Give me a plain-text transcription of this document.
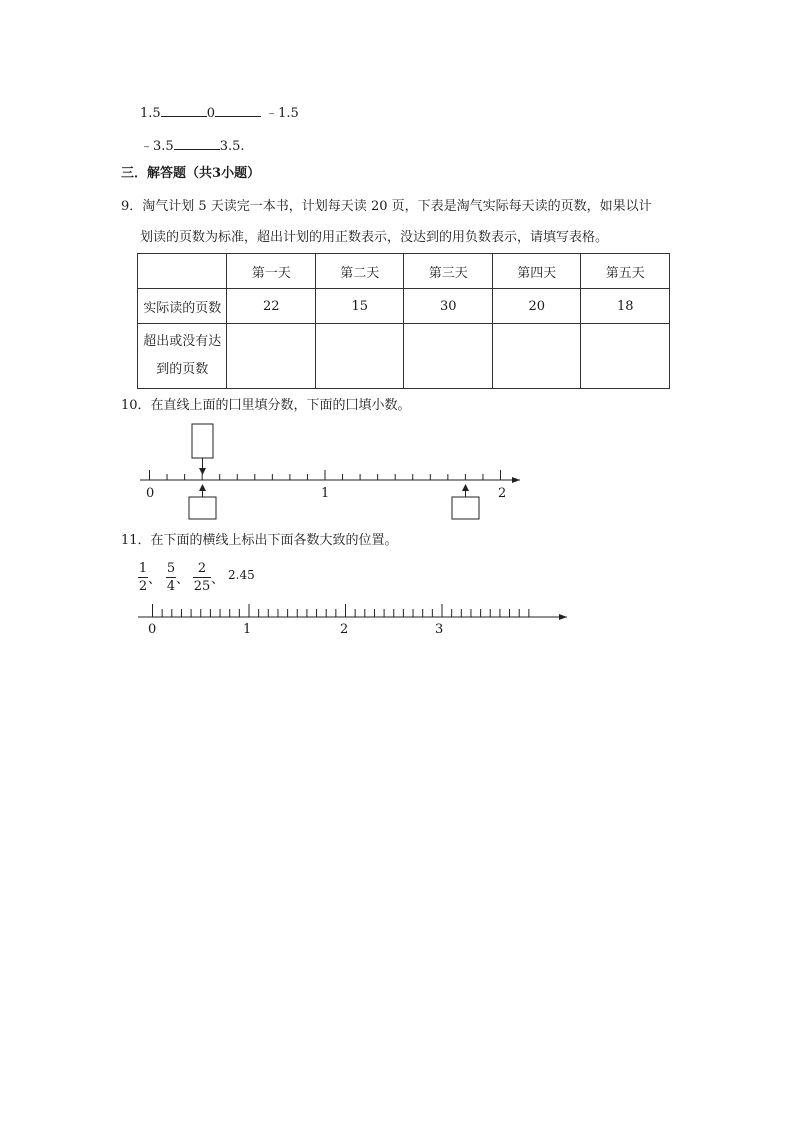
1.5	0	﹣1.5
﹣3.5	3.5.
三．解答题（共3小题）
9．淘气计划 5 天读完一本书，计划每天读 20 页，下表是淘气实际每天读的页数，如果以计
划读的页数为标准，超出计划的用正数表示，没达到的用负数表示，请填写表格。
	第一天	第二天	第三天	第四天	第五天
实际读的页数	22	15	30	20	18

超出或没有达
到的页数					

10．在直线上面的囗里填分数，下面的囗填小数。
0	1	2
0	1	2	3
11．在下面的横线上标出下面各数大致的位置。
1
2 、
5
4 、
2
25 、 2.45
